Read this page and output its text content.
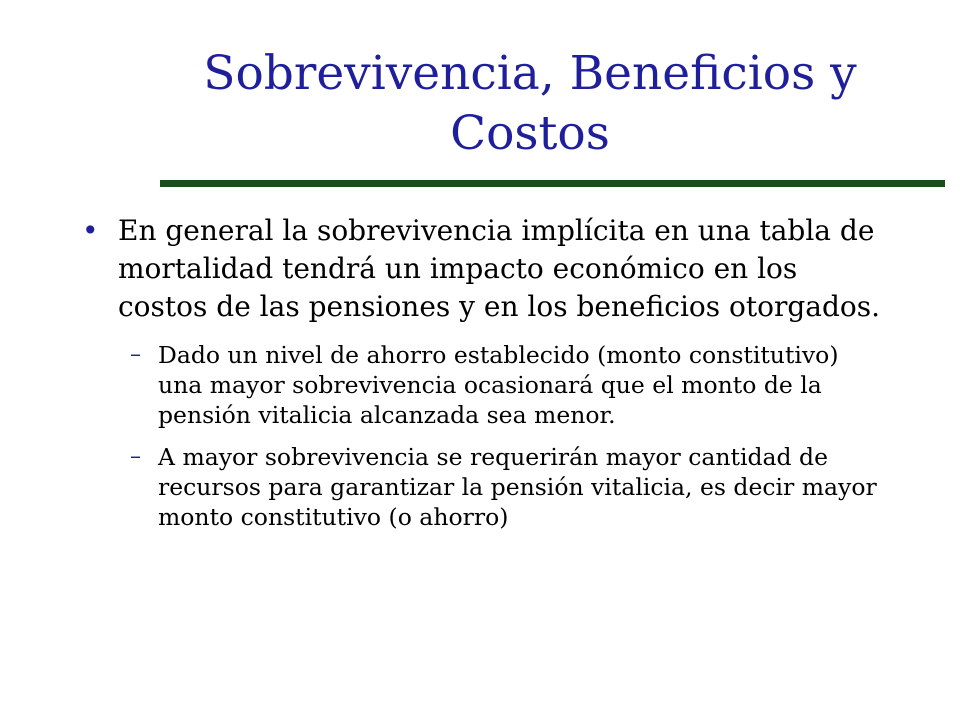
Sobrevivencia, Beneficios y Costos
• En general la sobrevivencia implícita en una tabla de mortalidad tendrá un impacto económico en los costos de las pensiones y en los beneficios otorgados.
– Dado un nivel de ahorro establecido (monto constitutivo) una mayor sobrevivencia ocasionará que el monto de la pensión vitalicia alcanzada sea menor.
– A mayor sobrevivencia se requerirán mayor cantidad de recursos para garantizar la pensión vitalicia, es decir mayor monto constitutivo (o ahorro)
